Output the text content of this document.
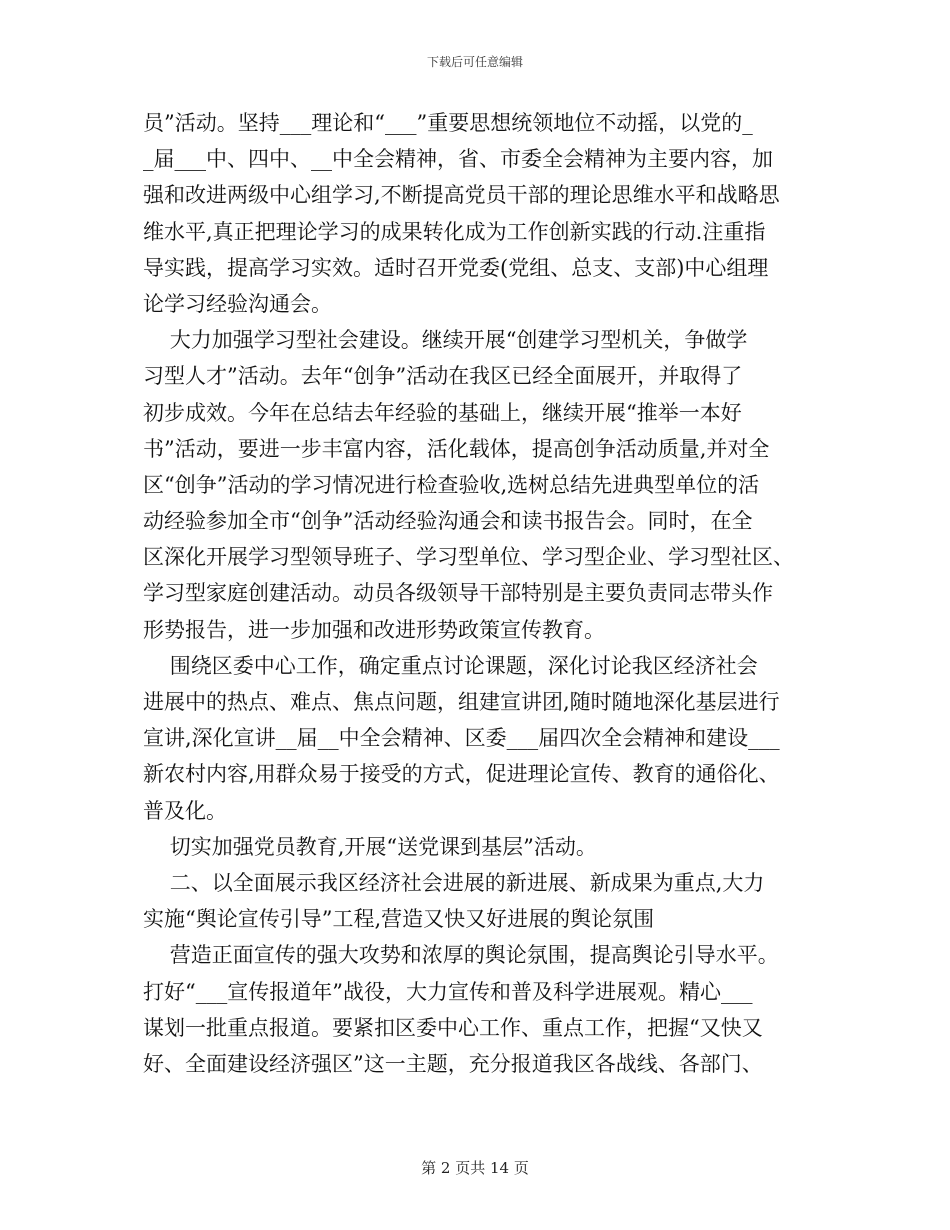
下载后可任意编辑
员”活动。坚持___理论和“___”重要思想统领地位不动摇，以党的_
_届___中、四中、__中全会精神，省、市委全会精神为主要内容，加
强和改进两级中心组学习,不断提高党员干部的理论思维水平和战略思
维水平,真正把理论学习的成果转化成为工作创新实践的行动.注重指
导实践，提高学习实效。适时召开党委(党组、总支、支部)中心组理
论学习经验沟通会。
大力加强学习型社会建设。继续开展“创建学习型机关，争做学
习型人才”活动。去年“创争”活动在我区已经全面展开，并取得了
初步成效。今年在总结去年经验的基础上，继续开展“推举一本好
书”活动，要进一步丰富内容，活化载体，提高创争活动质量,并对全
区“创争”活动的学习情况进行检查验收,选树总结先进典型单位的活
动经验参加全市“创争”活动经验沟通会和读书报告会。同时，在全
区深化开展学习型领导班子、学习型单位、学习型企业、学习型社区、
学习型家庭创建活动。动员各级领导干部特别是主要负责同志带头作
形势报告，进一步加强和改进形势政策宣传教育。
围绕区委中心工作，确定重点讨论课题，深化讨论我区经济社会
进展中的热点、难点、焦点问题，组建宣讲团,随时随地深化基层进行
宣讲,深化宣讲__届__中全会精神、区委___届四次全会精神和建设___
新农村内容,用群众易于接受的方式，促进理论宣传、教育的通俗化、
普及化。
切实加强党员教育,开展“送党课到基层”活动。
二、以全面展示我区经济社会进展的新进展、新成果为重点,大力
实施“舆论宣传引导”工程,营造又快又好进展的舆论氛围
营造正面宣传的强大攻势和浓厚的舆论氛围，提高舆论引导水平。
打好“___宣传报道年”战役，大力宣传和普及科学进展观。精心___
谋划一批重点报道。要紧扣区委中心工作、重点工作，把握“又快又
好、全面建设经济强区”这一主题，充分报道我区各战线、各部门、
第 2 页共 14 页
